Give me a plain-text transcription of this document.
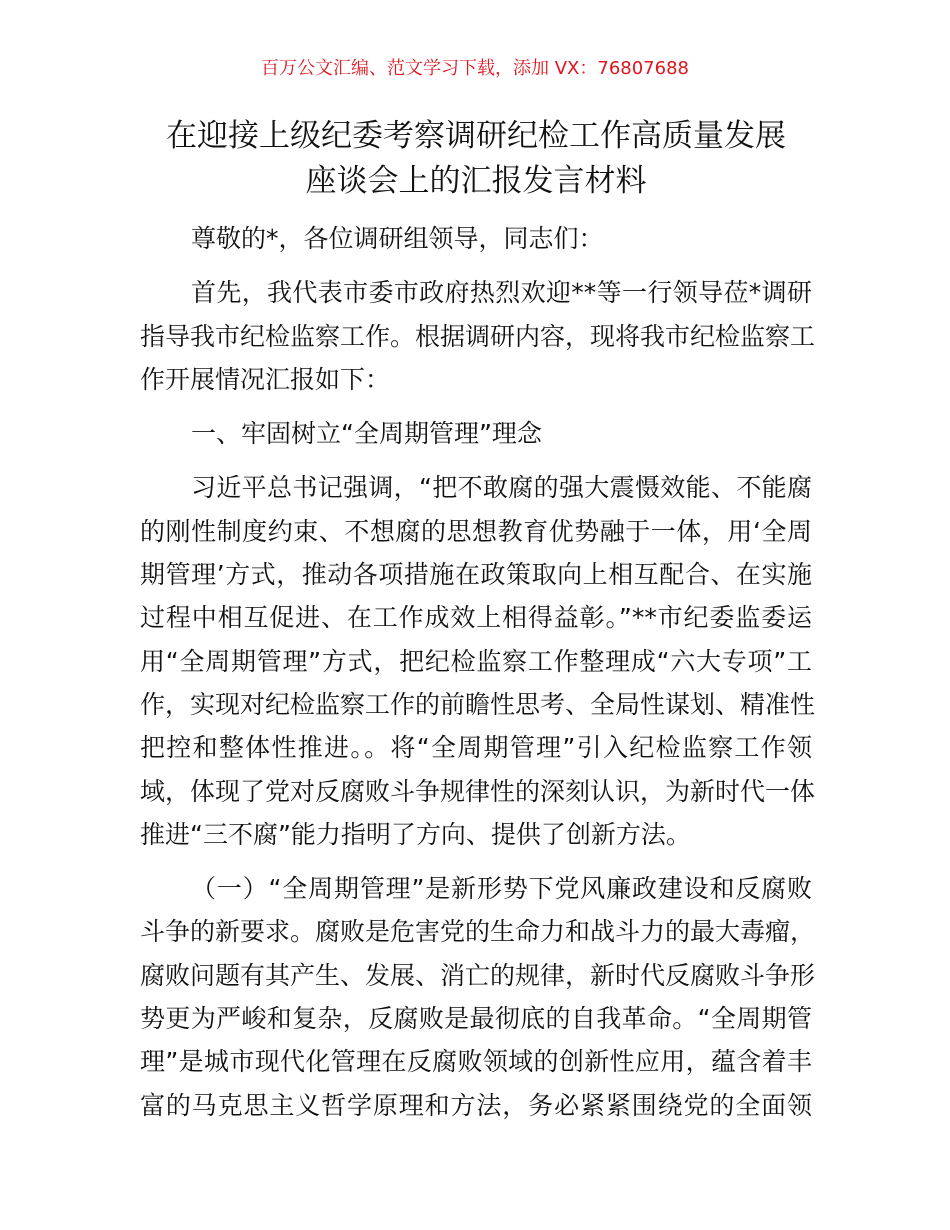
百万公文汇编、范文学习下载，添加 VX：76807688
在迎接上级纪委考察调研纪检工作高质量发展
座谈会上的汇报发言材料
尊敬的*，各位调研组领导，同志们：
首先，我代表市委市政府热烈欢迎**等一行领导莅*调研
指导我市纪检监察工作。根据调研内容，现将我市纪检监察工
作开展情况汇报如下：
一、牢固树立“全周期管理”理念
习近平总书记强调，“把不敢腐的强大震慑效能、不能腐
的刚性制度约束、不想腐的思想教育优势融于一体，用‘全周
期管理’方式，推动各项措施在政策取向上相互配合、在实施
过程中相互促进、在工作成效上相得益彰。”**市纪委监委运
用“全周期管理”方式，把纪检监察工作整理成“六大专项”工
作，实现对纪检监察工作的前瞻性思考、全局性谋划、精准性
把控和整体性推进。。将“全周期管理”引入纪检监察工作领
域，体现了党对反腐败斗争规律性的深刻认识，为新时代一体
推进“三不腐”能力指明了方向、提供了创新方法。
（一）“全周期管理”是新形势下党风廉政建设和反腐败
斗争的新要求。腐败是危害党的生命力和战斗力的最大毒瘤，
腐败问题有其产生、发展、消亡的规律，新时代反腐败斗争形
势更为严峻和复杂，反腐败是最彻底的自我革命。“全周期管
理”是城市现代化管理在反腐败领域的创新性应用，蕴含着丰
富的马克思主义哲学原理和方法，务必紧紧围绕党的全面领
